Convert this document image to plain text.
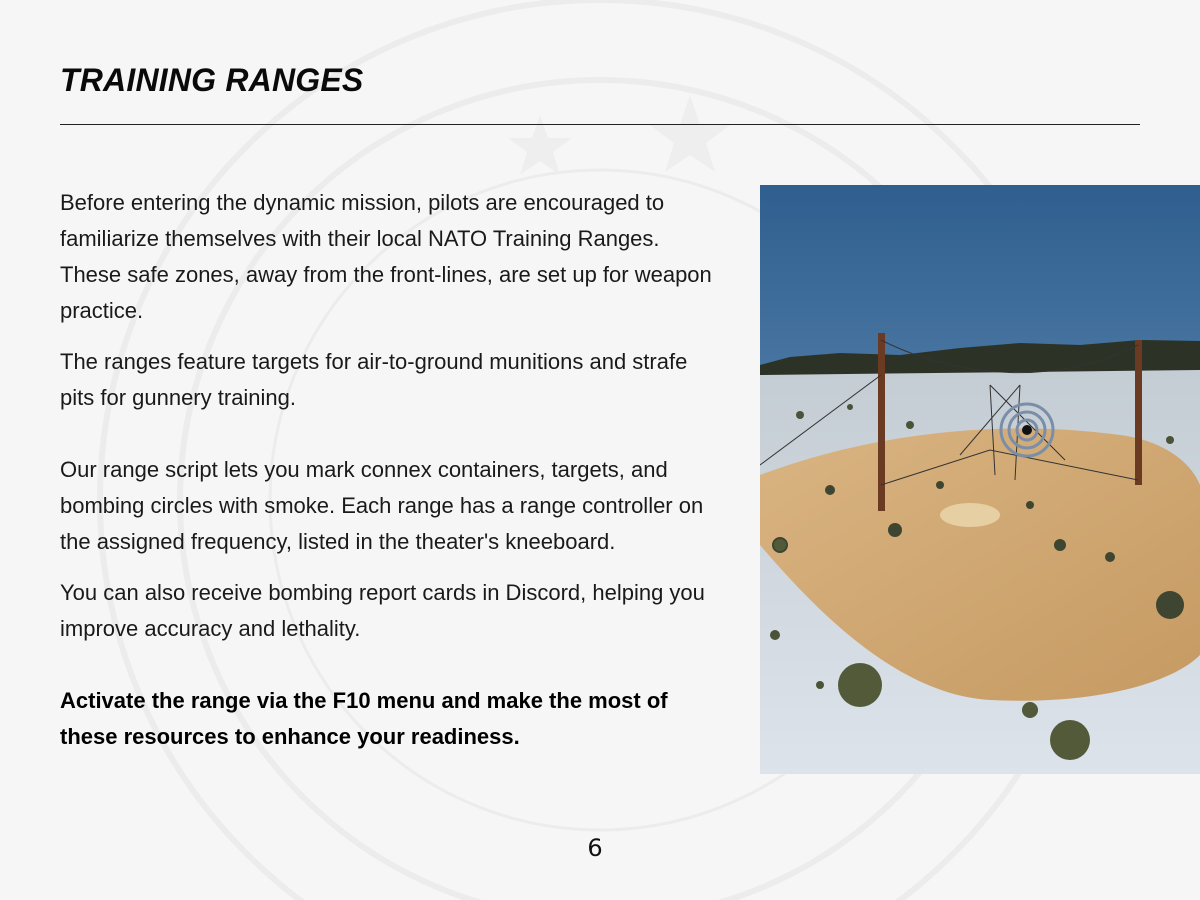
TRAINING RANGES

Before entering the dynamic mission, pilots are encouraged to familiarize themselves with their local NATO Training Ranges. These safe zones, away from the front-lines, are set up for weapon practice.

The ranges feature targets for air-to-ground munitions and strafe pits for gunnery training.

Our range script lets you mark connex containers, targets, and bombing circles with smoke. Each range has a range controller on the assigned frequency, listed in the theater's kneeboard.

You can also receive bombing report cards in Discord, helping you improve accuracy and lethality.

Activate the range via the F10 menu and make the most of these resources to enhance your readiness.

6
